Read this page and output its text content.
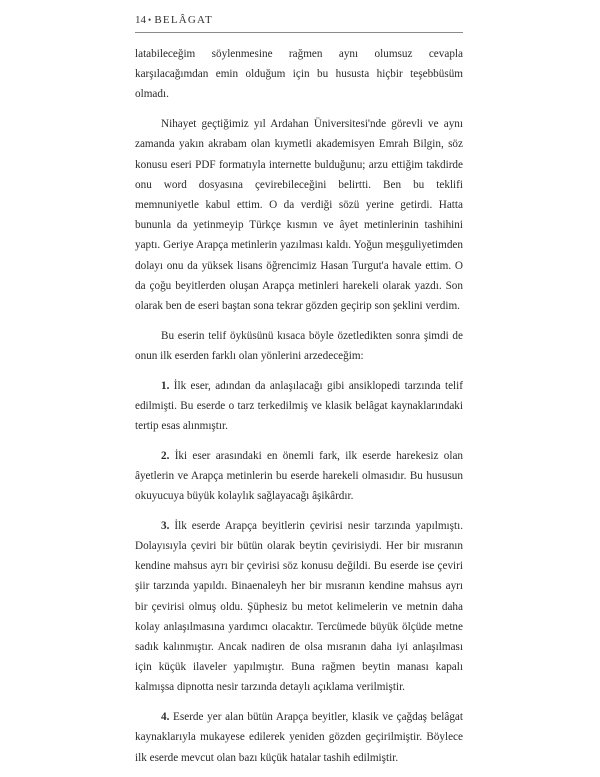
14 • BELÂGAT

latabileceğim söylenmesine rağmen aynı olumsuz cevapla karşılacağımdan emin olduğum için bu hususta hiçbir teşebbüsüm olmadı.

Nihayet geçtiğimiz yıl Ardahan Üniversitesi'nde görevli ve aynı zamanda yakın akrabam olan kıymetli akademisyen Emrah Bilgin, söz konusu eseri PDF formatıyla internette bulduğunu; arzu ettiğim takdirde onu word dosyasına çevirebileceğini belirtti. Ben bu teklifi memnuniyetle kabul ettim. O da verdiği sözü yerine getirdi. Hatta bununla da yetinmeyip Türkçe kısmın ve âyet metinlerinin tashihini yaptı. Geriye Arapça metinlerin yazılması kaldı. Yoğun meşguliyetimden dolayı onu da yüksek lisans öğrencimiz Hasan Turgut'a havale ettim. O da çoğu beyitlerden oluşan Arapça metinleri harekeli olarak yazdı. Son olarak ben de eseri baştan sona tekrar gözden geçirip son şeklini verdim.

Bu eserin telif öyküsünü kısaca böyle özetledikten sonra şimdi de onun ilk eserden farklı olan yönlerini arzedeceğim:

1. İlk eser, adından da anlaşılacağı gibi ansiklopedi tarzında telif edilmişti. Bu eserde o tarz terkedilmiş ve klasik belâgat kaynaklarındaki tertip esas alınmıştır.

2. İki eser arasındaki en önemli fark, ilk eserde harekesiz olan âyetlerin ve Arapça metinlerin bu eserde harekeli olmasıdır. Bu hususun okuyucuya büyük kolaylık sağlayacağı âşikârdır.

3. İlk eserde Arapça beyitlerin çevirisi nesir tarzında yapılmıştı. Dolayısıyla çeviri bir bütün olarak beytin çevirisiydi. Her bir mısranın kendine mahsus ayrı bir çevirisi söz konusu değildi. Bu eserde ise çeviri şiir tarzında yapıldı. Binaenaleyh her bir mısranın kendine mahsus ayrı bir çevirisi olmuş oldu. Şüphesiz bu metot kelimelerin ve metnin daha kolay anlaşılmasına yardımcı olacaktır. Tercümede büyük ölçüde metne sadık kalınmıştır. Ancak nadiren de olsa mısranın daha iyi anlaşılması için küçük ilaveler yapılmıştır. Buna rağmen beytin manası kapalı kalmışsa dipnotta nesir tarzında detaylı açıklama verilmiştir.

4. Eserde yer alan bütün Arapça beyitler, klasik ve çağdaş belâgat kaynaklarıyla mukayese edilerek yeniden gözden geçirilmiştir. Böylece ilk eserde mevcut olan bazı küçük hatalar tashih edilmiştir.
